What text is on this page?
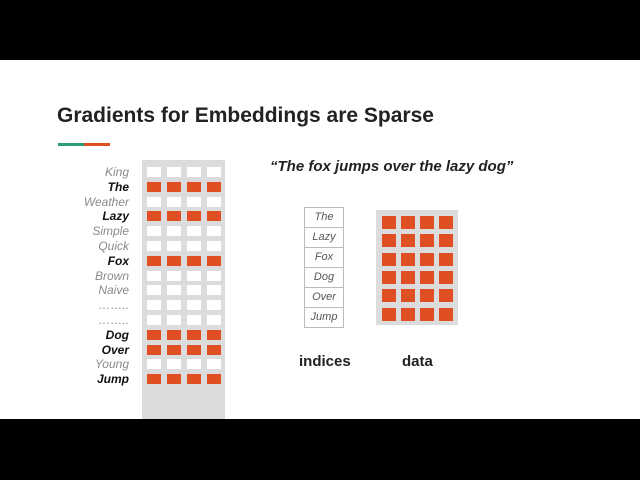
Gradients for Embeddings are Sparse
King
The
Weather
Lazy
Simple
Quick
Fox
Brown
Naive
……..
……..
Dog
Over
Young
Jump
“The fox jumps over the lazy dog”
The
Lazy
Fox
Dog
Over
Jump
indices	data
